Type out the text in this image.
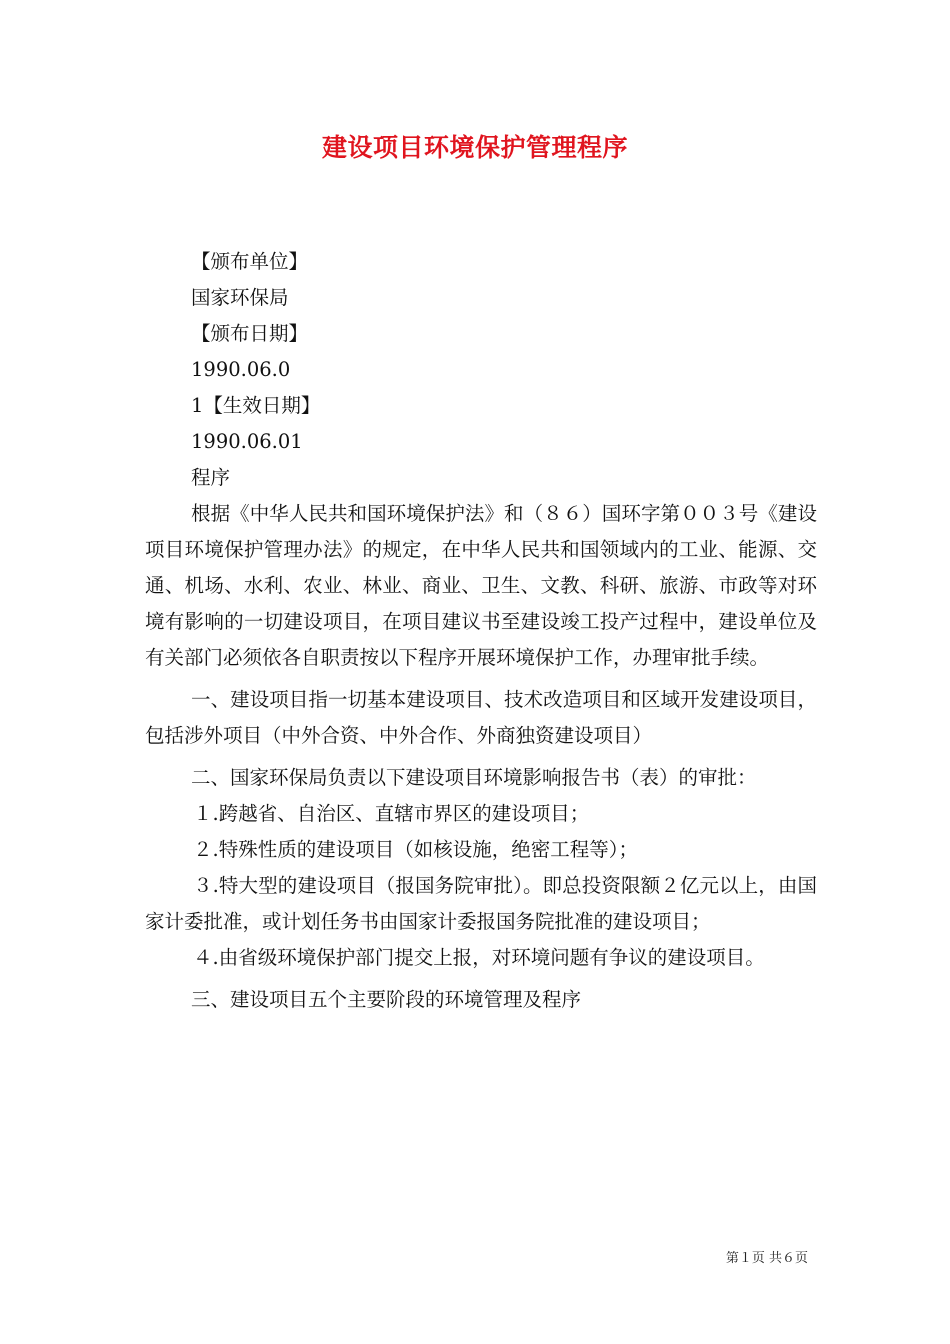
建设项目环境保护管理程序

【颁布单位】

国家环保局

【颁布日期】

1990.06.0

1【生效日期】

1990.06.01

程序

根据《中华人民共和国环境保护法》和（８６）国环字第００３号《建设项目环境保护管理办法》的规定，在中华人民共和国领域内的工业、能源、交通、机场、水利、农业、林业、商业、卫生、文教、科研、旅游、市政等对环境有影响的一切建设项目，在项目建议书至建设竣工投产过程中，建设单位及有关部门必须依各自职责按以下程序开展环境保护工作，办理审批手续。

一、建设项目指一切基本建设项目、技术改造项目和区域开发建设项目，包括涉外项目（中外合资、中外合作、外商独资建设项目）

二、国家环保局负责以下建设项目环境影响报告书（表）的审批：

１.跨越省、自治区、直辖市界区的建设项目；

２.特殊性质的建设项目（如核设施，绝密工程等）；

３.特大型的建设项目（报国务院审批）。即总投资限额２亿元以上，由国家计委批准，或计划任务书由国家计委报国务院批准的建设项目；

４.由省级环境保护部门提交上报，对环境问题有争议的建设项目。

三、建设项目五个主要阶段的环境管理及程序

第１页 共６页
